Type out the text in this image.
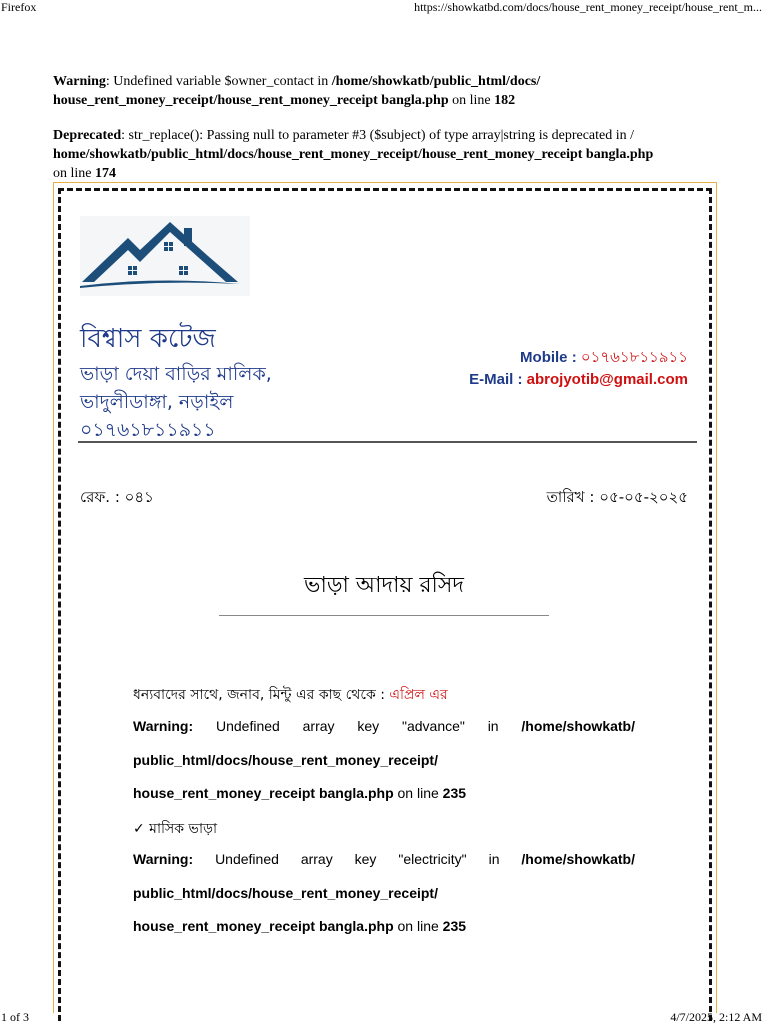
Firefox	https://showkatbd.com/docs/house_rent_money_receipt/house_rent_m...
Warning: Undefined variable $owner_contact in /home/showkatb/public_html/docs/
house_rent_money_receipt/house_rent_money_receipt bangla.php on line 182
Deprecated: str_replace(): Passing null to parameter #3 ($subject) of type array|string is deprecated in /
home/showkatb/public_html/docs/house_rent_money_receipt/house_rent_money_receipt bangla.php
on line 174
বিশ্বাস কটেজ
ভাড়া দেয়া বাড়ির মালিক,
ভাদুলীডাঙ্গা, নড়াইল
০১৭৬১৮১১৯১১
Mobile : ০১৭৬১৮১১৯১১
E-Mail : abrojyotib@gmail.com
রেফ. : ০৪১	তারিখ : ০৫-০৫-২০২৫
ভাড়া আদায় রসিদ
ধন্যবাদের সাথে, জনাব, মিন্টু এর কাছ থেকে : এপ্রিল এর
Warning: Undefined array key "advance" in /home/showkatb/
public_html/docs/house_rent_money_receipt/
house_rent_money_receipt bangla.php on line 235
✓ মাসিক ভাড়া
Warning: Undefined array key "electricity" in /home/showkatb/
public_html/docs/house_rent_money_receipt/
house_rent_money_receipt bangla.php on line 235
1 of 3	4/7/2025, 2:12 AM
